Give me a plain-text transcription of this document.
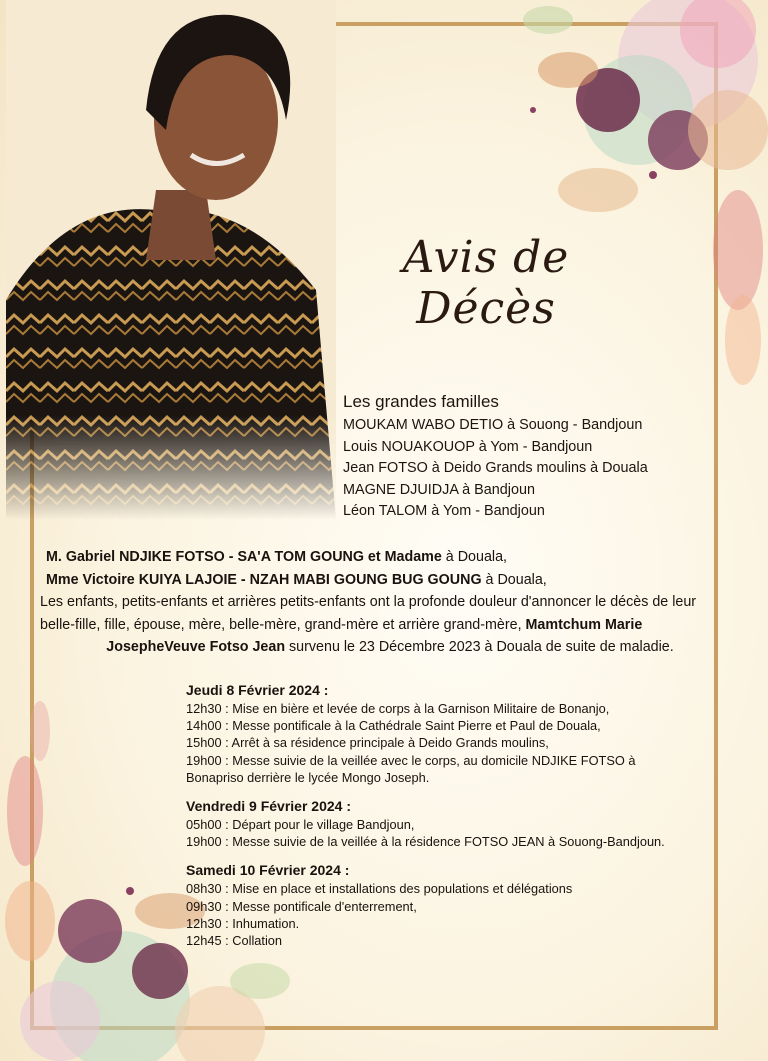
Avis de Décès
Les grandes familles
MOUKAM WABO DETIO à Souong - Bandjoun
Louis NOUAKOUOP à Yom - Bandjoun
Jean FOTSO à Deido Grands moulins à Douala
MAGNE DJUIDJA à Bandjoun
Léon TALOM à Yom - Bandjoun
M. Gabriel NDJIKE FOTSO - SA'A TOM GOUNG et Madame à Douala,
Mme Victoire KUIYA LAJOIE - NZAH MABI GOUNG BUG GOUNG à Douala,
Les enfants, petits-enfants et arrières petits-enfants ont la profonde douleur d'annoncer le décès de leur
belle-fille, fille, épouse, mère, belle-mère, grand-mère et arrière grand-mère, Mamtchum Marie
JosepheVeuve Fotso Jean survenu le 23 Décembre 2023 à Douala de suite de maladie.
Jeudi 8 Février 2024 :
12h30 : Mise en bière et levée de corps à la Garnison Militaire de Bonanjo,
14h00 : Messe pontificale à la Cathédrale Saint Pierre et Paul de Douala,
15h00 : Arrêt à sa résidence principale à Deido Grands moulins,
19h00 : Messe suivie de la veillée avec le corps, au domicile NDJIKE FOTSO à
Bonapriso derrière le lycée Mongo Joseph.
Vendredi 9 Février 2024 :
05h00 : Départ pour le village Bandjoun,
19h00 : Messe suivie de la veillée à la résidence FOTSO JEAN à Souong-Bandjoun.
Samedi 10 Février 2024 :
08h30 : Mise en place et installations des populations et délégations
09h30 : Messe pontificale d'enterrement,
12h30 : Inhumation.
12h45 : Collation
